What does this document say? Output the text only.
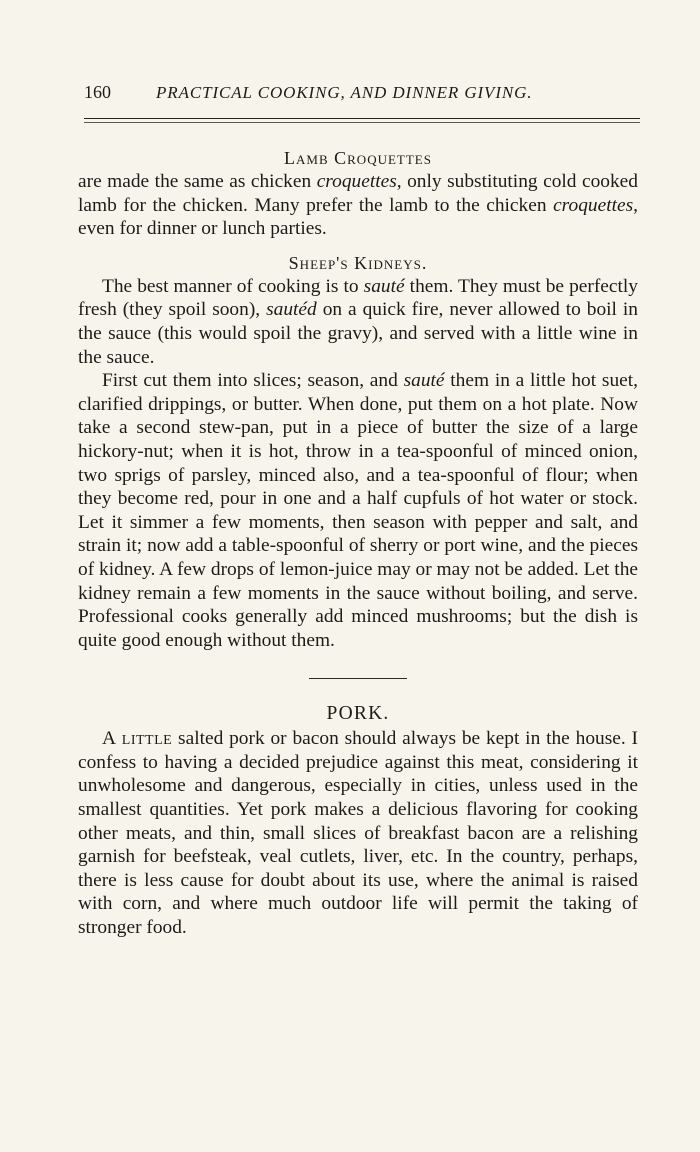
160	PRACTICAL COOKING, AND DINNER GIVING.
Lamb Croquettes

are made the same as chicken croquettes, only substituting cold cooked lamb for the chicken. Many prefer the lamb to the chicken croquettes, even for dinner or lunch parties.

Sheep's Kidneys.

The best manner of cooking is to sauté them. They must be perfectly fresh (they spoil soon), sautéd on a quick fire, never allowed to boil in the sauce (this would spoil the gravy), and served with a little wine in the sauce.

First cut them into slices; season, and sauté them in a little hot suet, clarified drippings, or butter. When done, put them on a hot plate. Now take a second stew-pan, put in a piece of butter the size of a large hickory-nut; when it is hot, throw in a tea-spoonful of minced onion, two sprigs of parsley, minced also, and a tea-spoonful of flour; when they become red, pour in one and a half cupfuls of hot water or stock. Let it simmer a few moments, then season with pepper and salt, and strain it; now add a table-spoonful of sherry or port wine, and the pieces of kidney. A few drops of lemon-juice may or may not be added. Let the kidney remain a few moments in the sauce without boiling, and serve. Professional cooks generally add minced mushrooms; but the dish is quite good enough without them.

PORK.

A little salted pork or bacon should always be kept in the house. I confess to having a decided prejudice against this meat, considering it unwholesome and dangerous, especially in cities, unless used in the smallest quantities. Yet pork makes a delicious flavoring for cooking other meats, and thin, small slices of breakfast bacon are a relishing garnish for beefsteak, veal cutlets, liver, etc. In the country, perhaps, there is less cause for doubt about its use, where the animal is raised with corn, and where much outdoor life will permit the taking of stronger food.
